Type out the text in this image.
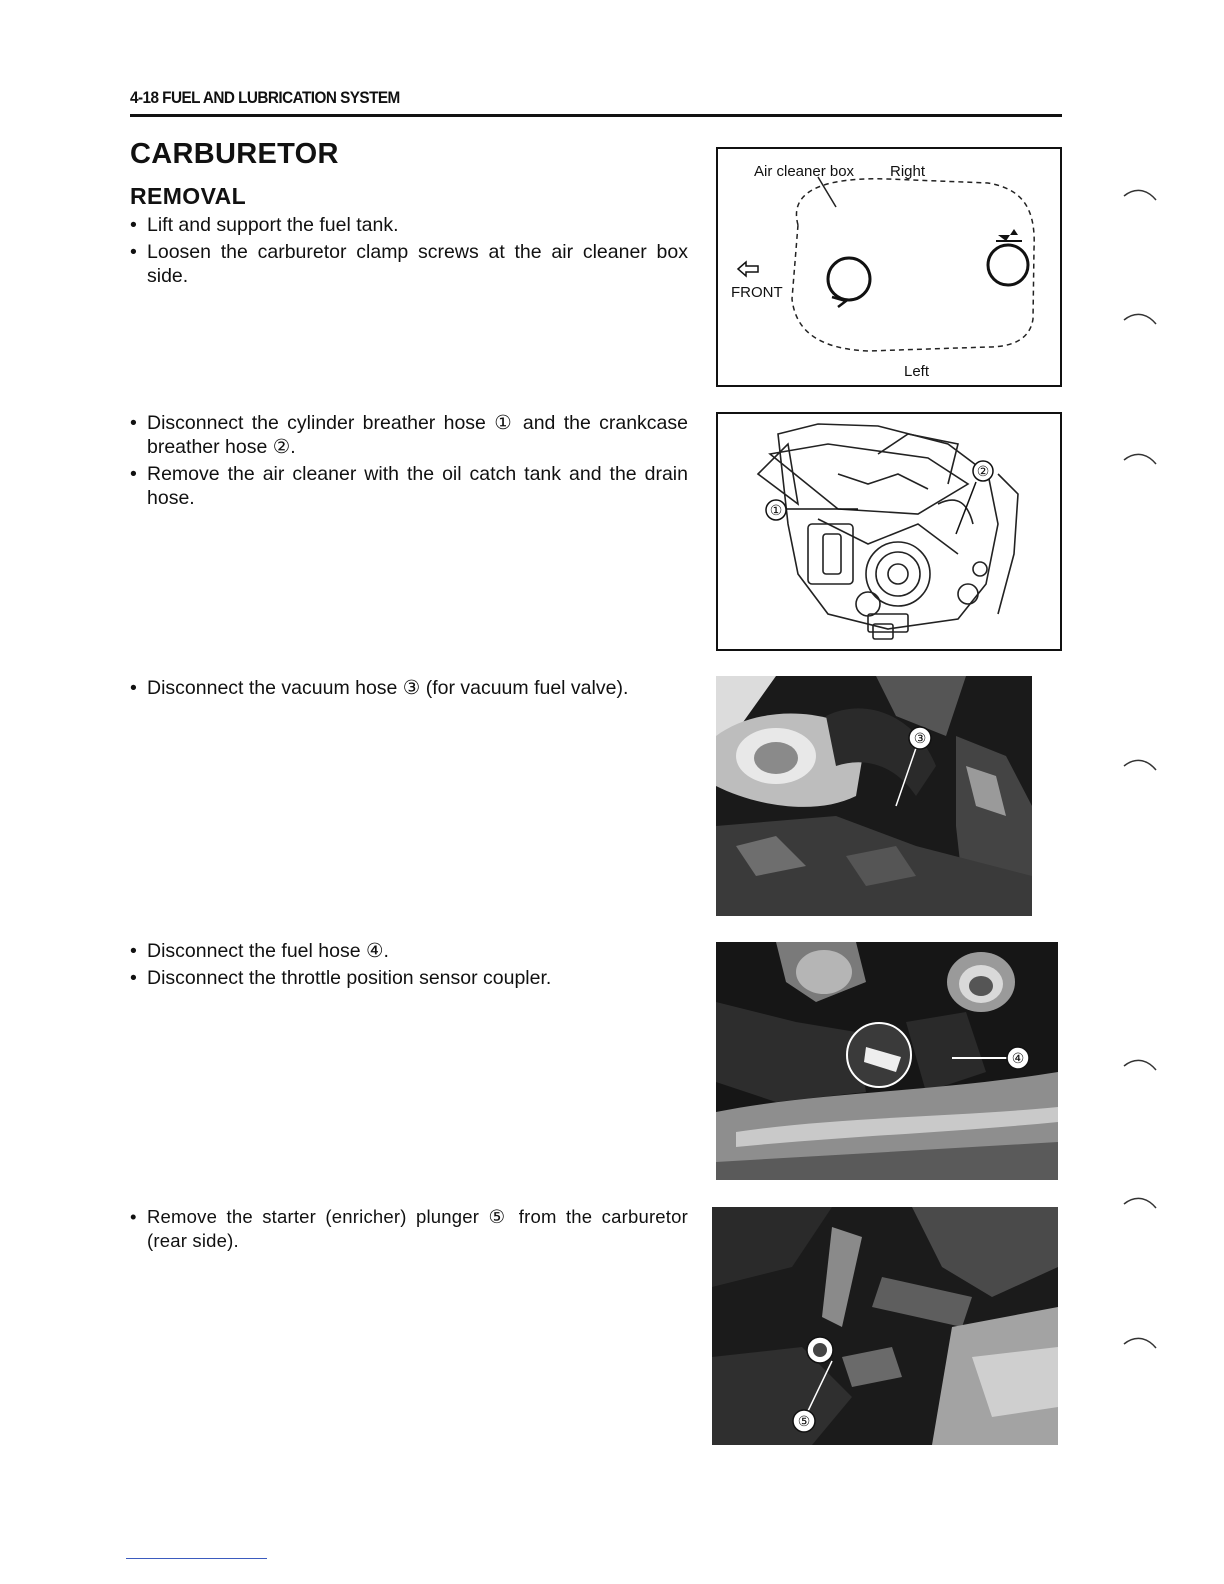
4-18 FUEL AND LUBRICATION SYSTEM
CARBURETOR
REMOVAL
• Lift and support the fuel tank.
• Loosen the carburetor clamp screws at the air cleaner box side.
• Disconnect the cylinder breather hose ① and the crankcase breather hose ②.
• Remove the air cleaner with the oil catch tank and the drain hose.
• Disconnect the vacuum hose ③ (for vacuum fuel valve).
• Disconnect the fuel hose ④.
• Disconnect the throttle position sensor coupler.
• Remove the starter (enricher) plunger ⑤ from the carburetor (rear side).
Air cleaner box Right
FRONT
Left
①
②
③
④
⑤
